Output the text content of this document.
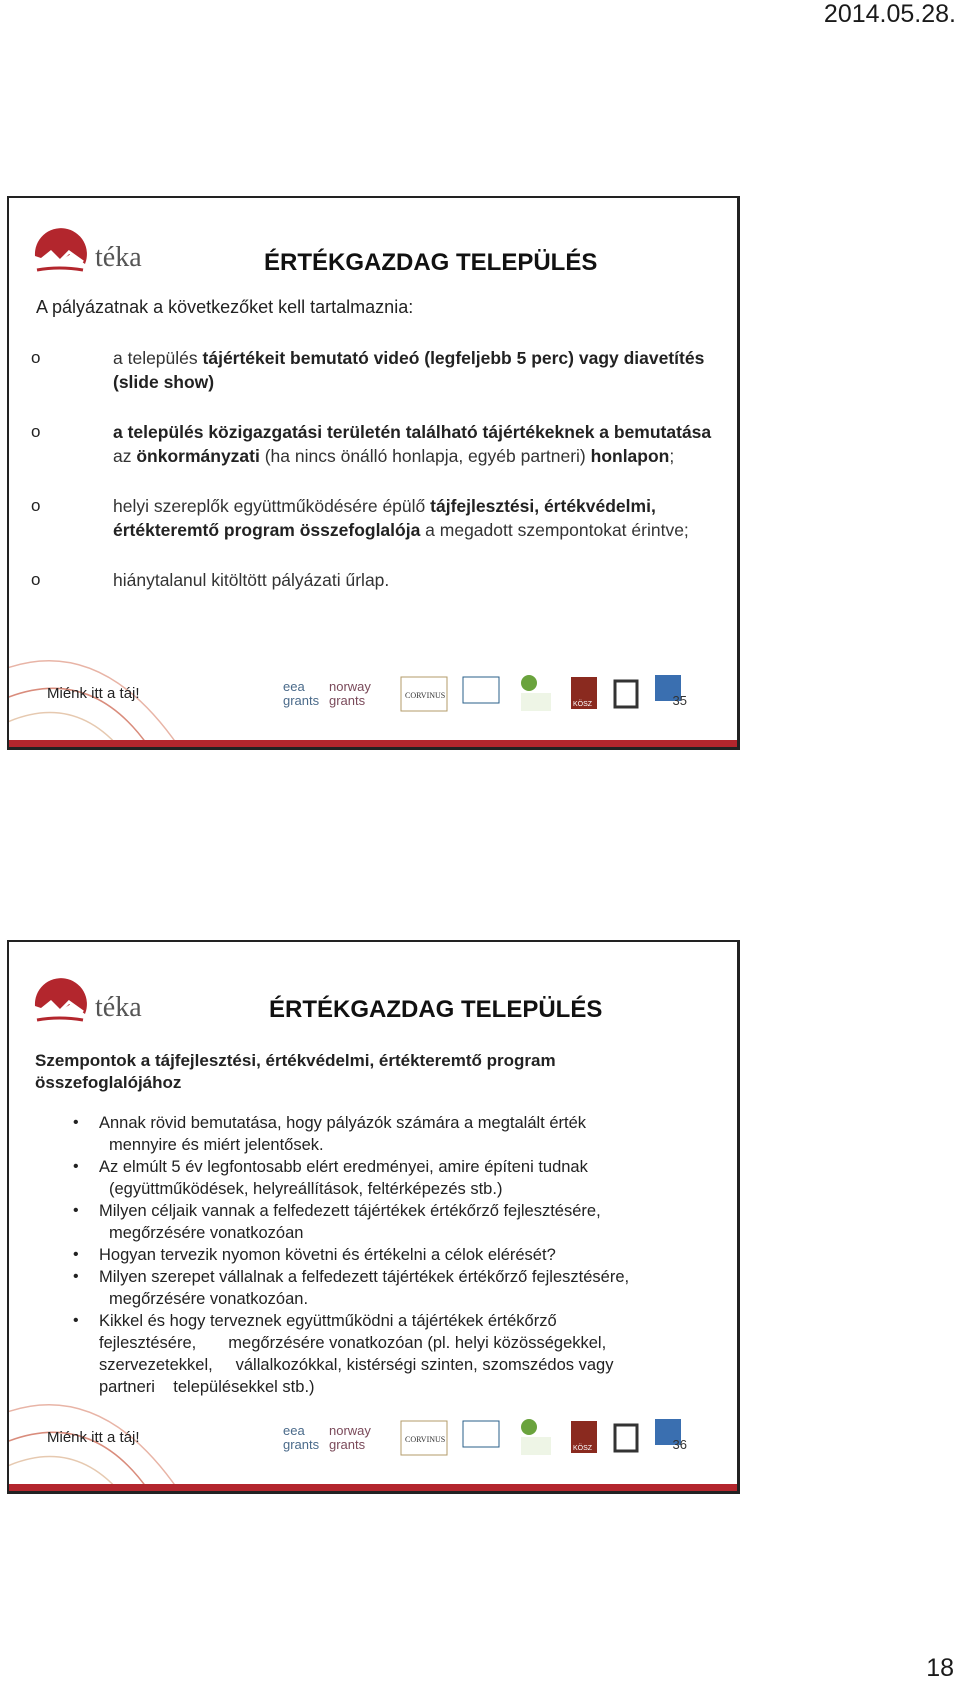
2014.05.28.
téka	ÉRTÉKGAZDAG TELEPÜLÉS
A pályázatnak a következőket kell tartalmaznia:
o	a település tájértékeit bemutató videó (legfeljebb 5 perc) vagy diavetítés (slide show)
o	a település közigazgatási területén található tájértékeknek a bemutatása az önkormányzati (ha nincs önálló honlapja, egyéb partneri) honlapon;
o	helyi szereplők együttműködésére épülő tájfejlesztési, értékvédelmi, értékteremtő program összefoglalója a megadott szempontokat érintve;
o	hiánytalanul kitöltött pályázati űrlap.
Miénk itt a táj!	eea
grants
norway
grants	CORVINUS
KÖSZ	35
téka	ÉRTÉKGAZDAG TELEPÜLÉS
Szempontok a tájfejlesztési, értékvédelmi, értékteremtő program összefoglalójához
• Annak rövid bemutatása, hogy pályázók számára a megtalált érték
mennyire és miért jelentősek.
• Az elmúlt 5 év legfontosabb elért eredményei, amire építeni tudnak
(együttműködések, helyreállítások, feltérképezés stb.)
• Milyen céljaik vannak a felfedezett tájértékek értékőrző fejlesztésére,
megőrzésére vonatkozóan
• Hogyan tervezik nyomon követni és értékelni a célok elérését?
• Milyen szerepet vállalnak a felfedezett tájértékek értékőrző fejlesztésére,
megőrzésére vonatkozóan.
• Kikkel és hogy terveznek együttműködni a tájértékek értékőrző
fejlesztésére,       megőrzésére vonatkozóan (pl. helyi közösségekkel,
szervezetekkel,     vállalkozókkal, kistérségi szinten, szomszédos vagy
partneri    településekkel stb.)
Miénk itt a táj!	eea
grants
norway
grants	CORVINUS
KÖSZ	36
18
